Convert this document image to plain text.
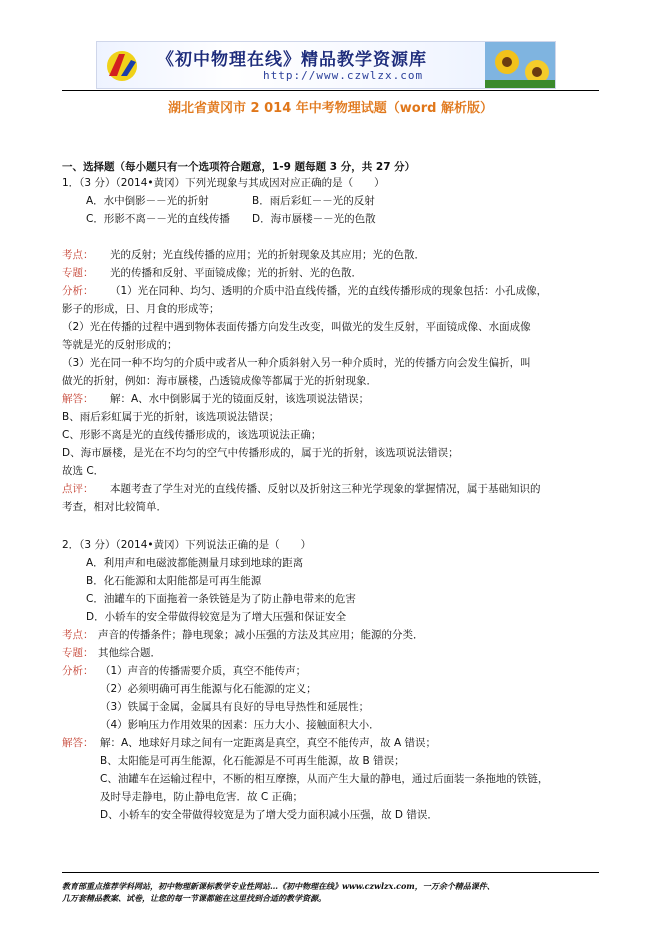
《初中物理在线》精品教学资源库
http://www.czwlzx.com
湖北省黄冈市 2 014 年中考物理试题（word 解析版）
一、选择题（每小题只有一个选项符合题意，1-9 题每题 3 分，共 27 分）
1．（3 分）（2014•黄冈）下列光现象与其成因对应正确的是（　　）
A．水中倒影－－光的折射	B．雨后彩虹－－光的反射
C．形影不离－－光的直线传播 D．海市蜃楼－－光的色散
考点： 光的反射；光直线传播的应用；光的折射现象及其应用；光的色散．
专题： 光的传播和反射、平面镜成像；光的折射、光的色散．
分析： （1）光在同种、均匀、透明的介质中沿直线传播，光的直线传播形成的现象包括：小孔成像，
影子的形成，日、月食的形成等；
（2）光在传播的过程中遇到物体表面传播方向发生改变，叫做光的发生反射，平面镜成像、水面成像
等就是光的反射形成的；
（3）光在同一种不均匀的介质中或者从一种介质斜射入另一种介质时，光的传播方向会发生偏折，叫
做光的折射，例如：海市蜃楼，凸透镜成像等都属于光的折射现象．
解答： 解：A、水中倒影属于光的镜面反射，该选项说法错误；
B、雨后彩虹属于光的折射，该选项说法错误；
C、形影不离是光的直线传播形成的，该选项说法正确；
D、海市蜃楼，是光在不均匀的空气中传播形成的，属于光的折射，该选项说法错误；
故选 C．
点评： 本题考查了学生对光的直线传播、反射以及折射这三种光学现象的掌握情况，属于基础知识的
考查，相对比较简单．
2．（3 分）（2014•黄冈）下列说法正确的是（　　）
A．利用声和电磁波都能测量月球到地球的距离
B．化石能源和太阳能都是可再生能源
C．油罐车的下面拖着一条铁链是为了防止静电带来的危害
D．小轿车的安全带做得较宽是为了增大压强和保证安全
考点： 声音的传播条件；静电现象；减小压强的方法及其应用；能源的分类．
专题： 其他综合题．
分析： （1）声音的传播需要介质，真空不能传声；
（2）必须明确可再生能源与化石能源的定义；
（3）铁属于金属，金属具有良好的导电导热性和延展性；
（4）影响压力作用效果的因素：压力大小、接触面积大小．
解答： 解：A、地球好月球之间有一定距离是真空，真空不能传声，故 A 错误；
B、太阳能是可再生能源，化石能源是不可再生能源，故 B 错误；
C、油罐车在运输过程中，不断的相互摩擦，从而产生大量的静电，通过后面装一条拖地的铁链，
及时导走静电，防止静电危害．故 C 正确；
D、小轿车的安全带做得较宽是为了增大受力面积减小压强，故 D 错误．
教育部重点推荐学科网站，初中物理新课标教学专业性网站…《初中物理在线》www.czwlzx.com，一万余个精品课件、
几万套精品教案、试卷，让您的每一节课都能在这里找到合适的教学资源。
